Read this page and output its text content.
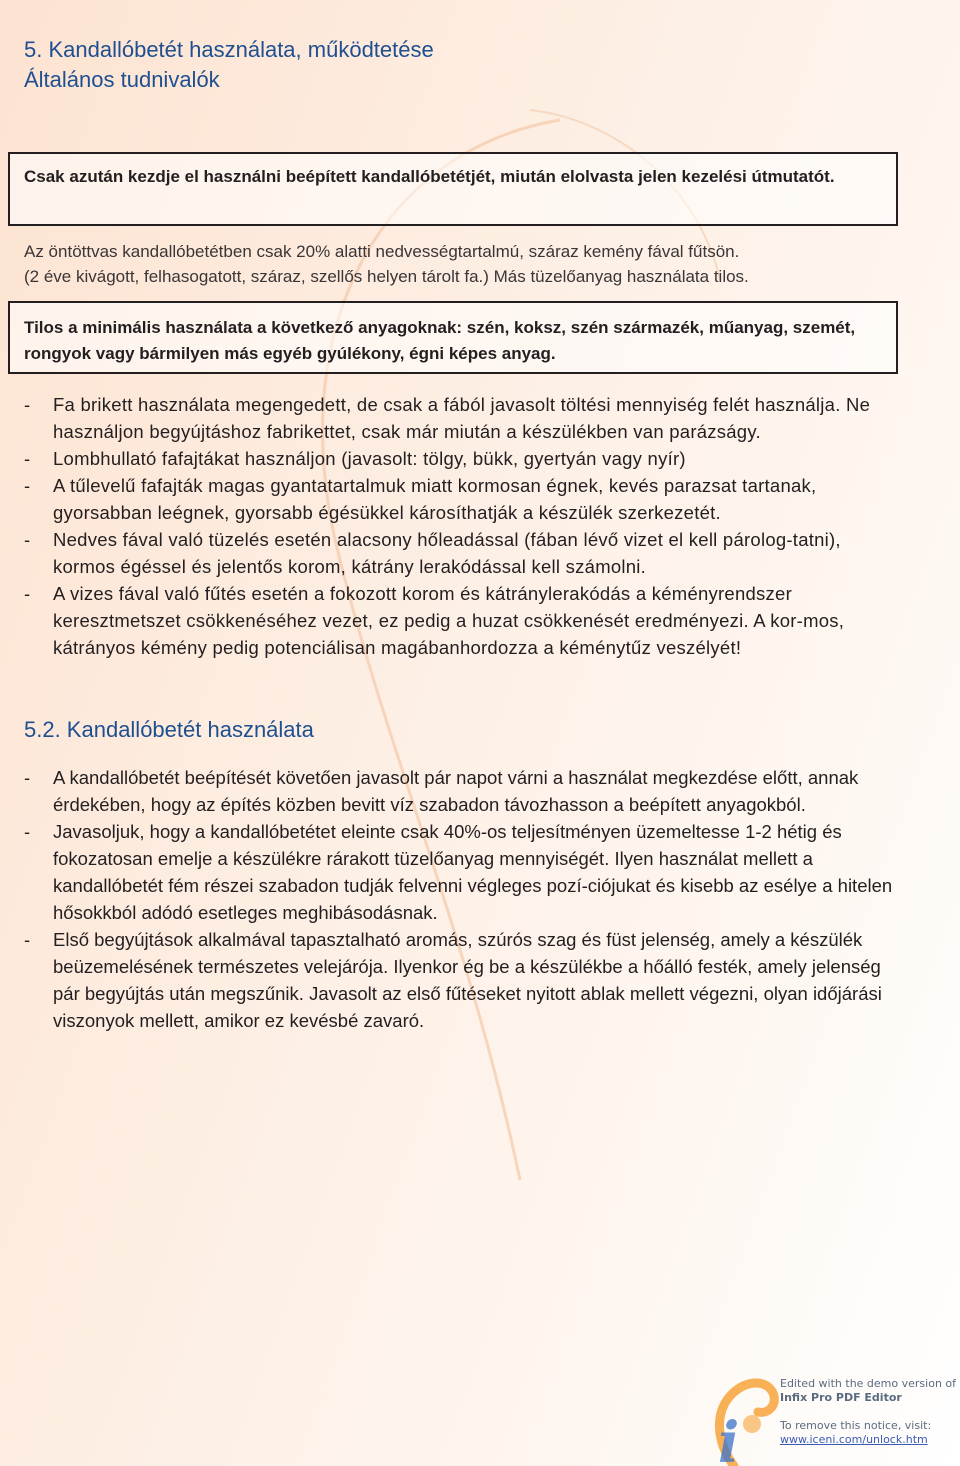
5. Kandallóbetét használata, működtetése
Általános tudnivalók
Csak azután kezdje el használni beépített kandallóbetétjét, miután elolvasta jelen kezelési útmutatót.
Az öntöttvas kandallóbetétben csak 20% alatti nedvességtartalmú, száraz kemény fával fűtsön.
(2 éve kivágott, felhasogatott, száraz, szellős helyen tárolt fa.) Más tüzelőanyag használata tilos.
Tilos a minimális használata a következő anyagoknak: szén, koksz, szén származék, műanyag, szemét, rongyok vagy bármilyen más egyéb gyúlékony, égni képes anyag.
- Fa brikett használata megengedett, de csak a fából javasolt töltési mennyiség felét használja. Ne használjon begyújtáshoz fabrikettet, csak már miután a készülékben van parázságy.
- Lombhullató fafajtákat használjon (javasolt: tölgy, bükk, gyertyán vagy nyír)
- A tűlevelű fafajták magas gyantatartalmuk miatt kormosan égnek, kevés parazsat tartanak, gyorsabban leégnek, gyorsabb égésükkel károsíthatják a készülék szerkezetét.
- Nedves fával való tüzelés esetén alacsony hőleadással (fában lévő vizet el kell párolog-tatni), kormos égéssel és jelentős korom, kátrány lerakódással kell számolni.
- A vizes fával való fűtés esetén a fokozott korom és kátránylerakódás a kéményrendszer keresztmetszet csökkenéséhez vezet, ez pedig a huzat csökkenését eredményezi. A kor-mos, kátrányos kémény pedig potenciálisan magábanhordozza a kéménytűz veszélyét!
5.2. Kandallóbetét használata
- A kandallóbetét beépítését követően javasolt pár napot várni a használat megkezdése előtt, annak érdekében, hogy az építés közben bevitt víz szabadon távozhasson a beépített anyagokból.
- Javasoljuk, hogy a kandallóbetétet eleinte csak 40%-os teljesítményen üzemeltesse 1-2 hétig és fokozatosan emelje a készülékre rárakott tüzelőanyag mennyiségét. Ilyen használat mellett a kandallóbetét fém részei szabadon tudják felvenni végleges pozí-ciójukat és kisebb az esélye a hitelen hősokkból adódó esetleges meghibásodásnak.
- Első begyújtások alkalmával tapasztalható aromás, szúrós szag és füst jelenség, amely a készülék beüzemelésének természetes velejárója. Ilyenkor ég be a készülékbe a hőálló festék, amely jelenség pár begyújtás után megszűnik. Javasolt az első fűtéseket nyitott ablak mellett végezni, olyan időjárási viszonyok mellett, amikor ez kevésbé zavaró.
i
Edited with the demo version of
Infix Pro PDF Editor
To remove this notice, visit:
www.iceni.com/unlock.htm
